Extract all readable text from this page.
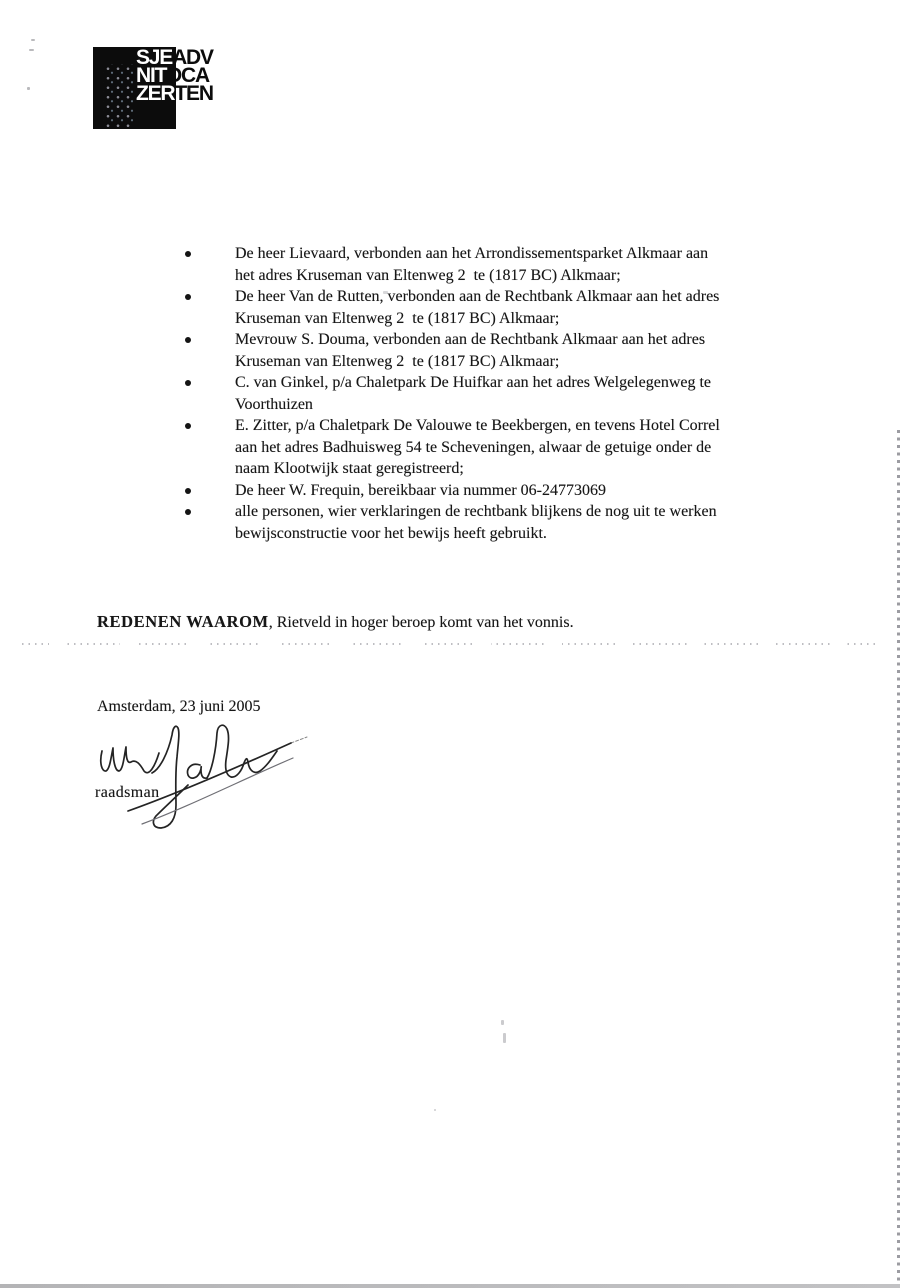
SJEADV
NITOCA
ZERTEN
De heer Lievaard, verbonden aan het Arrondissementsparket Alkmaar aan
het adres Kruseman van Eltenweg 2  te (1817 BC) Alkmaar;
De heer Van de Rutten, verbonden aan de Rechtbank Alkmaar aan het adres
Kruseman van Eltenweg 2  te (1817 BC) Alkmaar;
Mevrouw S. Douma, verbonden aan de Rechtbank Alkmaar aan het adres
Kruseman van Eltenweg 2  te (1817 BC) Alkmaar;
C. van Ginkel, p/a Chaletpark De Huifkar aan het adres Welgelegenweg te
Voorthuizen
E. Zitter, p/a Chaletpark De Valouwe te Beekbergen, en tevens Hotel Correl
aan het adres Badhuisweg 54 te Scheveningen, alwaar de getuige onder de
naam Klootwijk staat geregistreerd;
De heer W. Frequin, bereikbaar via nummer 06-24773069
alle personen, wier verklaringen de rechtbank blijkens de nog uit te werken
bewijsconstructie voor het bewijs heeft gebruikt.
REDENEN WAAROM, Rietveld in hoger beroep komt van het vonnis.
Amsterdam, 23 juni 2005
raadsman
